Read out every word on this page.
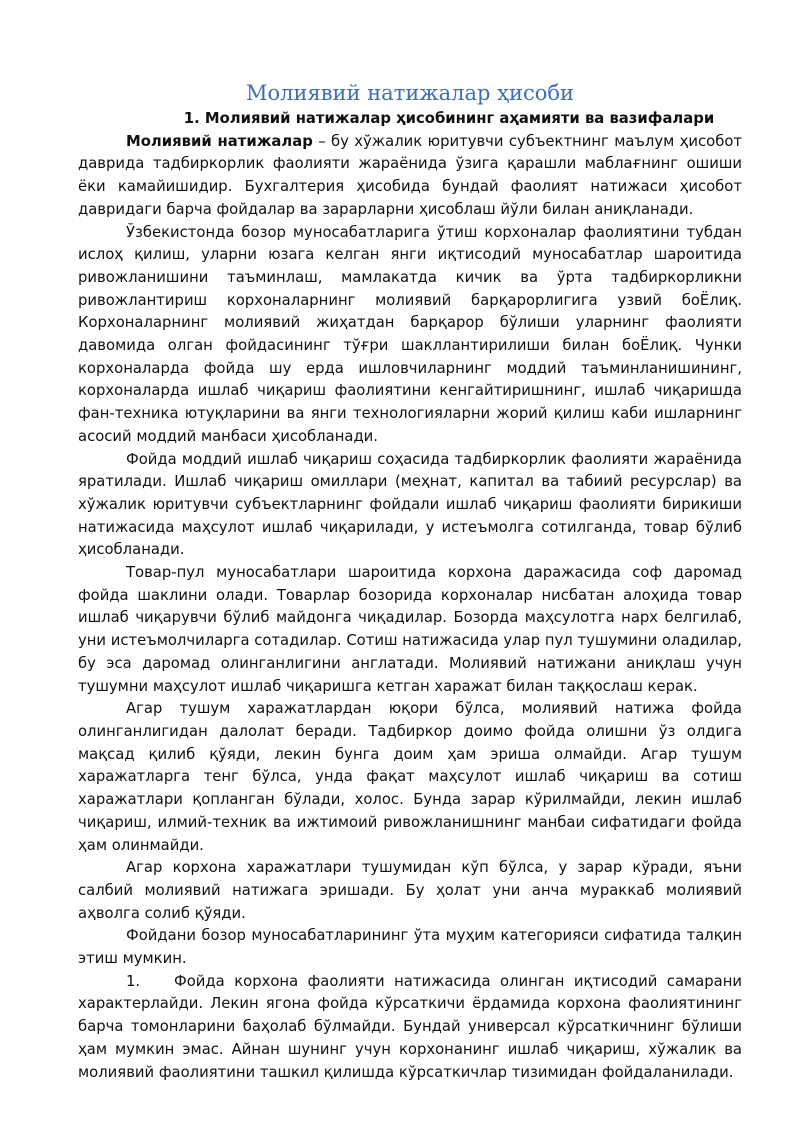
Молиявий натижалар ҳисоби
1. Молиявий натижалар ҳисобининг аҳамияти ва вазифалари

Молиявий натижалар – бу хўжалик юритувчи субъектнинг маълум ҳисобот даврида тадбиркорлик фаолияти жараёнида ўзига қарашли маблағнинг ошиши ёки камайишидир. Бухгалтерия ҳисобида бундай фаолият натижаси ҳисобот давридаги барча фойдалар ва зарарларни ҳисоблаш йўли билан аниқланади.

Ўзбекистонда бозор муносабатларига ўтиш корхоналар фаолиятини тубдан ислоҳ қилиш, уларни юзага келган янги иқтисодий муносабатлар шароитида ривожланишини таъминлаш, мамлакатда кичик ва ўрта тадбиркорликни ривожлантириш корхоналарнинг молиявий барқарорлигига узвий боЁлиқ. Корхоналарнинг молиявий жиҳатдан барқарор бўлиши уларнинг фаолияти давомида олган фойдасининг тўғри шакллантирилиши билан боЁлиқ. Чунки корхоналарда фойда шу ерда ишловчиларнинг моддий таъминланишининг, корхоналарда ишлаб чиқариш фаолиятини кенгайтиришнинг, ишлаб чиқаришда фан-техника ютуқларини ва янги технологияларни жорий қилиш каби ишларнинг асосий моддий манбаси ҳисобланади.

Фойда моддий ишлаб чиқариш соҳасида тадбиркорлик фаолияти жараёнида яратилади. Ишлаб чиқариш омиллари (меҳнат, капитал ва табиий ресурслар) ва хўжалик юритувчи субъектларнинг фойдали ишлаб чиқариш фаолияти бирикиши натижасида маҳсулот ишлаб чиқарилади, у истеъмолга сотилганда, товар бўлиб ҳисобланади.

Товар-пул муносабатлари шароитида корхона даражасида соф даромад фойда шаклини олади. Товарлар бозорида корхоналар нисбатан алоҳида товар ишлаб чиқарувчи бўлиб майдонга чиқадилар. Бозорда маҳсулотга нарх белгилаб, уни истеъмолчиларга сотадилар. Сотиш натижасида улар пул тушумини оладилар, бу эса даромад олинганлигини англатади. Молиявий натижани аниқлаш учун тушумни маҳсулот ишлаб чиқаришга кетган харажат билан таққослаш керак.

Агар тушум харажатлардан юқори бўлса, молиявий натижа фойда олинганлигидан далолат беради. Тадбиркор доимо фойда олишни ўз олдига мақсад қилиб қўяди, лекин бунга доим ҳам эриша олмайди. Агар тушум харажатларга тенг бўлса, унда фақат маҳсулот ишлаб чиқариш ва сотиш харажатлари қопланган бўлади, холос. Бунда зарар кўрилмайди, лекин ишлаб чиқариш, илмий-техник ва ижтимоий ривожланишнинг манбаи сифатидаги фойда ҳам олинмайди.

Агар корхона харажатлари тушумидан кўп бўлса, у зарар кўради, яъни салбий молиявий натижага эришади. Бу ҳолат уни анча мураккаб молиявий аҳволга солиб қўяди.

Фойдани бозор муносабатларининг ўта муҳим категорияси сифатида талқин этиш мумкин.

1. Фойда корхона фаолияти натижасида олинган иқтисодий самарани характерлайди. Лекин ягона фойда кўрсаткичи ёрдамида корхона фаолиятининг барча томонларини баҳолаб бўлмайди. Бундай универсал кўрсаткичнинг бўлиши ҳам мумкин эмас. Айнан шунинг учун корхонанинг ишлаб чиқариш, хўжалик ва молиявий фаолиятини ташкил қилишда кўрсаткичлар тизимидан фойдаланилади.
